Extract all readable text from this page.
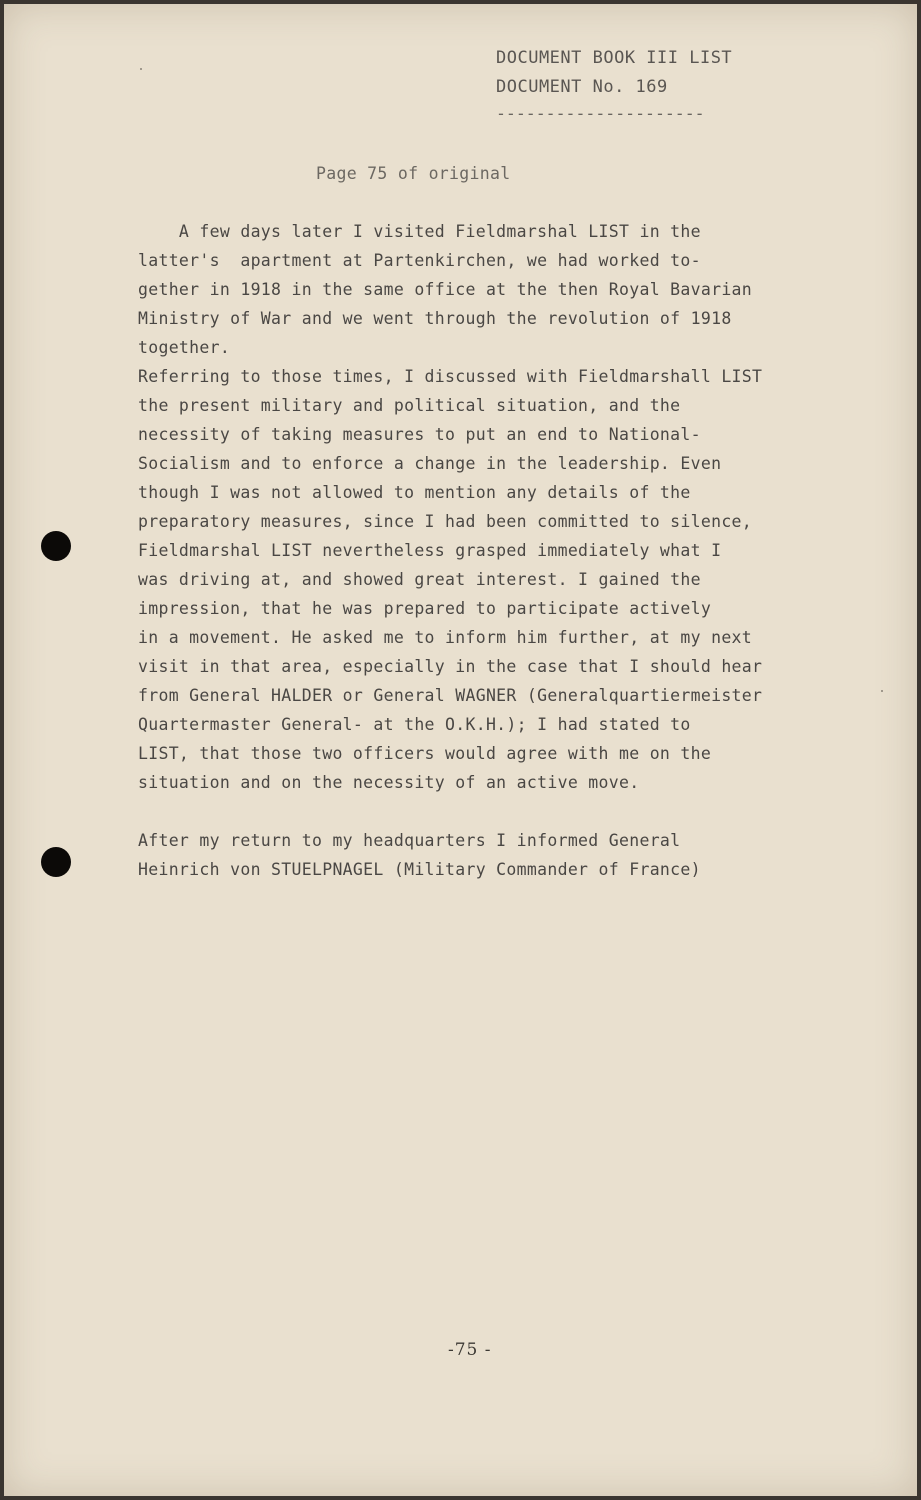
DOCUMENT BOOK III LIST
DOCUMENT No. 169
---------------------
Page 75 of original
A few days later I visited Fieldmarshal LIST in the
latter's  apartment at Partenkirchen, we had worked to-
gether in 1918 in the same office at the then Royal Bavarian
Ministry of War and we went through the revolution of 1918
together.
Referring to those times, I discussed with Fieldmarshall LIST
the present military and political situation, and the
necessity of taking measures to put an end to National-
Socialism and to enforce a change in the leadership. Even
though I was not allowed to mention any details of the
preparatory measures, since I had been committed to silence,
Fieldmarshal LIST nevertheless grasped immediately what I
was driving at, and showed great interest. I gained the
impression, that he was prepared to participate actively
in a movement. He asked me to inform him further, at my next
visit in that area, especially in the case that I should hear
from General HALDER or General WAGNER (Generalquartiermeister
Quartermaster General- at the O.K.H.); I had stated to
LIST, that those two officers would agree with me on the
situation and on the necessity of an active move.
After my return to my headquarters I informed General
Heinrich von STUELPNAGEL (Military Commander of France)
-75 -
